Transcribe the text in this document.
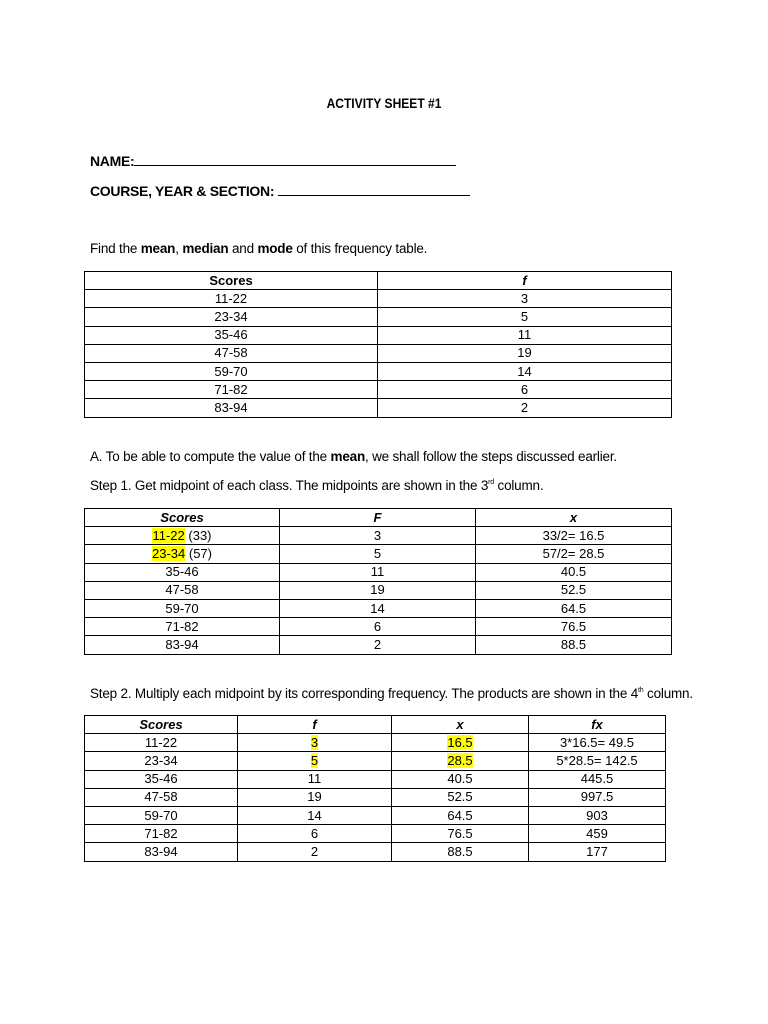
ACTIVITY SHEET #1
NAME:
COURSE, YEAR & SECTION:
Find the mean, median and mode of this frequency table.
Scores	f
11-22	3
23-34	5
35-46	11
47-58	19
59-70	14
71-82	6
83-94	2
A. To be able to compute the value of the mean, we shall follow the steps discussed earlier.
Step 1. Get midpoint of each class. The midpoints are shown in the 3rd column.
Scores	F	x
11-22 (33)	3	33/2= 16.5
23-34 (57)	5	57/2= 28.5
35-46	11	40.5
47-58	19	52.5
59-70	14	64.5
71-82	6	76.5
83-94	2	88.5
Step 2. Multiply each midpoint by its corresponding frequency. The products are shown in the 4th column.
Scores	f	x	fx
11-22	3	16.5	3*16.5= 49.5
23-34	5	28.5	5*28.5= 142.5
35-46	11	40.5	445.5
47-58	19	52.5	997.5
59-70	14	64.5	903
71-82	6	76.5	459
83-94	2	88.5	177
